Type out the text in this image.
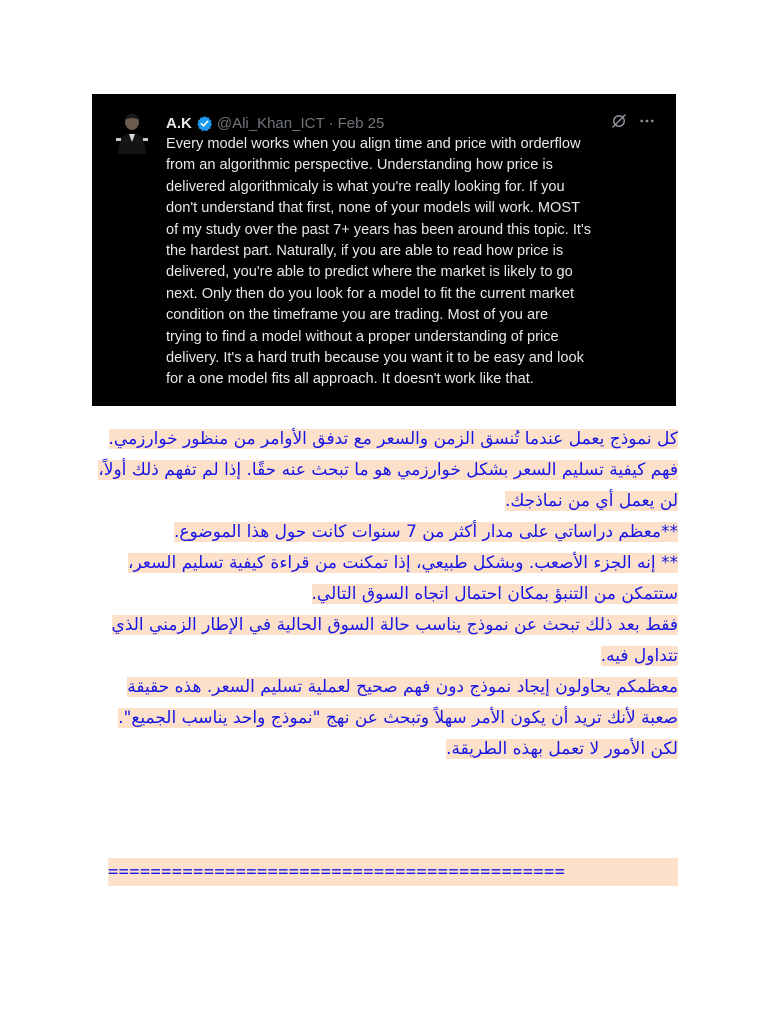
A.K @Ali_Khan_ICT · Feb 25

Every model works when you align time and price with orderflow

from an algorithmic perspective. Understanding how price is

delivered algorithmicaly is what you're really looking for. If you

don't understand that first, none of your models will work. MOST

of my study over the past 7+ years has been around this topic. It's

the hardest part. Naturally, if you are able to read how price is

delivered, you're able to predict where the market is likely to go

next. Only then do you look for a model to fit the current market

condition on the timeframe you are trading. Most of you are

trying to find a model without a proper understanding of price

delivery. It's a hard truth because you want it to be easy and look

for a one model fits all approach. It doesn't work like that.

كل نموذج يعمل عندما تُنسق الزمن والسعر مع تدفق الأوامر من منظور خوارزمي.

فهم كيفية تسليم السعر بشكل خوارزمي هو ما تبحث عنه حقًا. إذا لم تفهم ذلك أولاً، لن يعمل أي من نماذجك.

**معظم دراساتي على مدار أكثر من 7 سنوات كانت حول هذا الموضوع.

** إنه الجزء الأصعب. وبشكل طبيعي، إذا تمكنت من قراءة كيفية تسليم السعر، ستتمكن من التنبؤ بمكان احتمال اتجاه السوق التالي.

فقط بعد ذلك تبحث عن نموذج يناسب حالة السوق الحالية في الإطار الزمني الذي تتداول فيه.

معظمكم يحاولون إيجاد نموذج دون فهم صحيح لعملية تسليم السعر. هذه حقيقة صعبة لأنك تريد أن يكون الأمر سهلاً وتبحث عن نهج "نموذج واحد يناسب الجميع".

لكن الأمور لا تعمل بهذه الطريقة.

===========================================
